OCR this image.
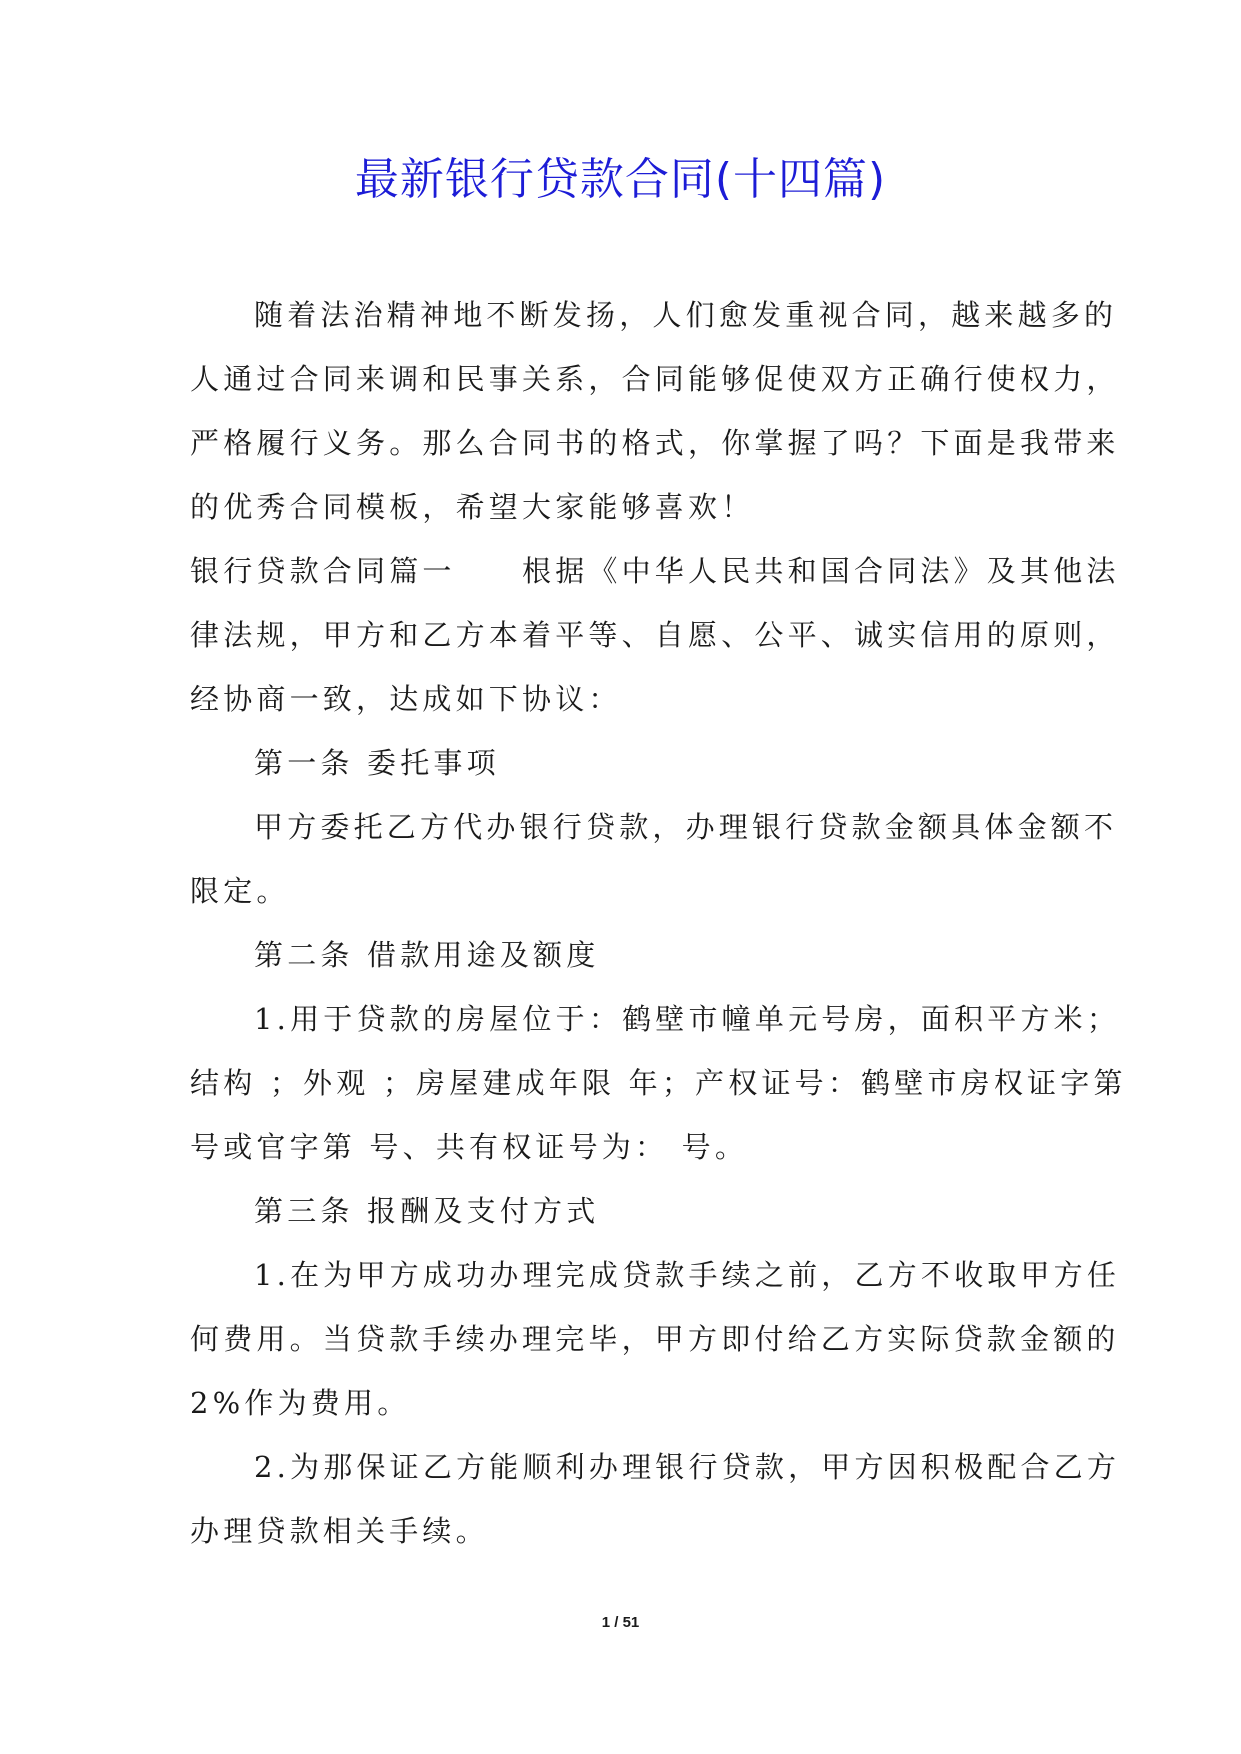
最新银行贷款合同(十四篇)
随着法治精神地不断发扬，人们愈发重视合同，越来越多的
人通过合同来调和民事关系，合同能够促使双方正确行使权力，
严格履行义务。那么合同书的格式，你掌握了吗？下面是我带来
的优秀合同模板，希望大家能够喜欢！
银行贷款合同篇一　　根据《中华人民共和国合同法》及其他法
律法规，甲方和乙方本着平等、自愿、公平、诚实信用的原则，
经协商一致，达成如下协议：
第一条 委托事项
甲方委托乙方代办银行贷款，办理银行贷款金额具体金额不
限定。
第二条 借款用途及额度
1.用于贷款的房屋位于：鹤壁市幢单元号房，面积平方米；
结构 ；外观 ；房屋建成年限 年；产权证号：鹤壁市房权证字第
号或官字第 号、共有权证号为： 号。
第三条 报酬及支付方式
1.在为甲方成功办理完成贷款手续之前，乙方不收取甲方任
何费用。当贷款手续办理完毕，甲方即付给乙方实际贷款金额的
2%作为费用。
2.为那保证乙方能顺利办理银行贷款，甲方因积极配合乙方
办理贷款相关手续。
1 / 51
